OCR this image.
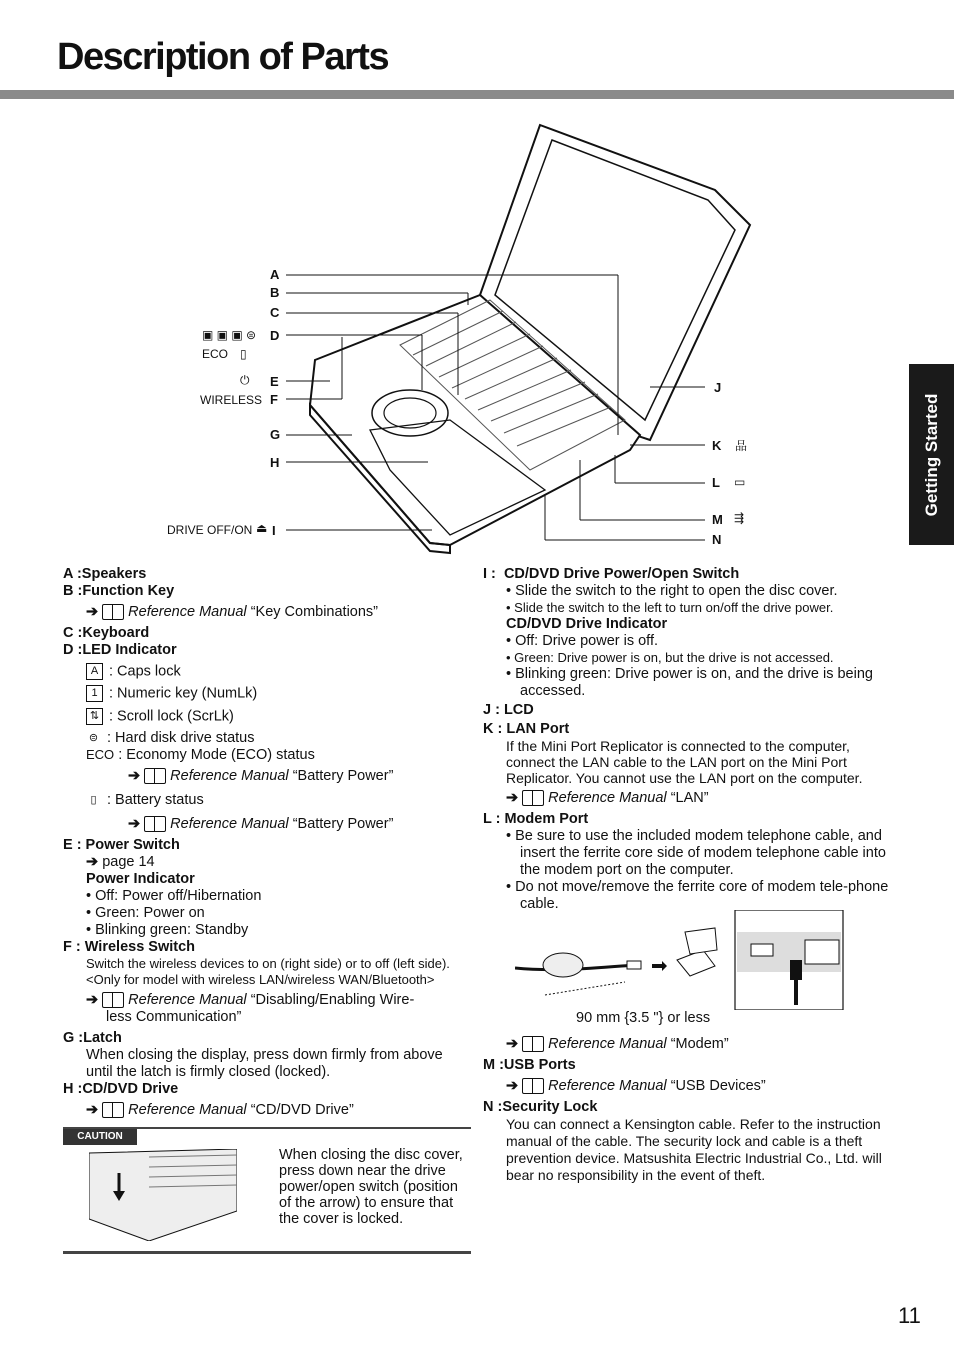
Description of Parts
Getting Started
A
B
C
D
▣ ▣ ▣ ⊜
ECO ▯
⏻ E
WIRELESS F
G
H
DRIVE OFF/ON ⏏ I
J
K 品
L ▭
M ⇶
N
A :Speakers
B :Function Key
➔ Reference Manual “Key Combinations”
C :Keyboard
D :LED Indicator
A : Caps lock
1 : Numeric key (NumLk)
⇅ : Scroll lock (ScrLk)
⊜ : Hard disk drive status
ECO : Economy Mode (ECO) status
➔ Reference Manual “Battery Power”
▯ : Battery status
➔ Reference Manual “Battery Power”
E : Power Switch
➔ page 14
Power Indicator
• Off: Power off/Hibernation
• Green: Power on
• Blinking green: Standby
F : Wireless Switch
Switch the wireless devices to on (right side) or to off (left side).
<Only for model with wireless LAN/wireless WAN/Bluetooth>
➔ Reference Manual “Disabling/Enabling Wire-
less Communication”
G :Latch
When closing the display, press down firmly from above until the latch is firmly closed (locked).
H :CD/DVD Drive
➔ Reference Manual “CD/DVD Drive”
CAUTION
When closing the disc cover, press down near the drive power/open switch (position of the arrow) to ensure that the cover is locked.
I : CD/DVD Drive Power/Open Switch
• Slide the switch to the right to open the disc cover.
• Slide the switch to the left to turn on/off the drive power.
CD/DVD Drive Indicator
• Off: Drive power is off.
• Green: Drive power is on, but the drive is not accessed.
• Blinking green: Drive power is on, and the drive is being accessed.
J : LCD
K : LAN Port
If the Mini Port Replicator is connected to the computer, connect the LAN cable to the LAN port on the Mini Port Replicator. You cannot use the LAN port on the computer.
➔ Reference Manual “LAN”
L : Modem Port
• Be sure to use the included modem telephone cable, and insert the ferrite core side of modem telephone cable into the modem port on the computer.
• Do not move/remove the ferrite core of modem tele-phone cable.
90 mm {3.5 "} or less
➔ Reference Manual “Modem”
M :USB Ports
➔ Reference Manual “USB Devices”
N :Security Lock
You can connect a Kensington cable. Refer to the instruction manual of the cable. The security lock and cable is a theft prevention device. Matsushita Electric Industrial Co., Ltd. will bear no responsibility in the event of theft.
11
